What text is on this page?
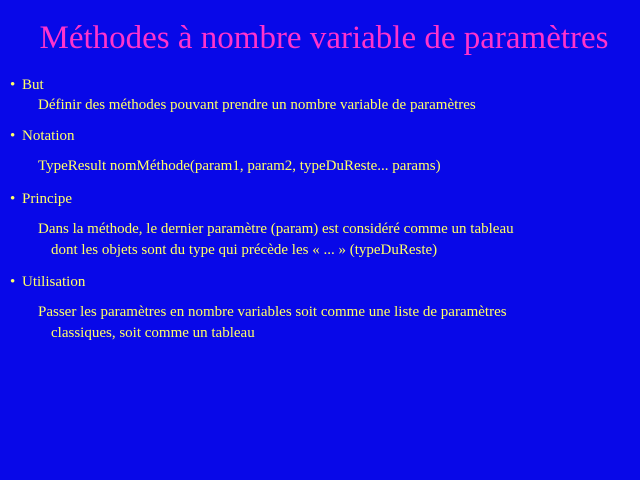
Méthodes à nombre variable de paramètres
• But
Définir des méthodes pouvant prendre un nombre variable de paramètres
• Notation
TypeResult nomMéthode(param1, param2, typeDuReste... params)
• Principe
Dans la méthode, le dernier paramètre (param) est considéré comme un tableau
dont les objets sont du type qui précède les « ... » (typeDuReste)
• Utilisation
Passer les paramètres en nombre variables soit comme une liste de paramètres
classiques, soit comme un tableau
